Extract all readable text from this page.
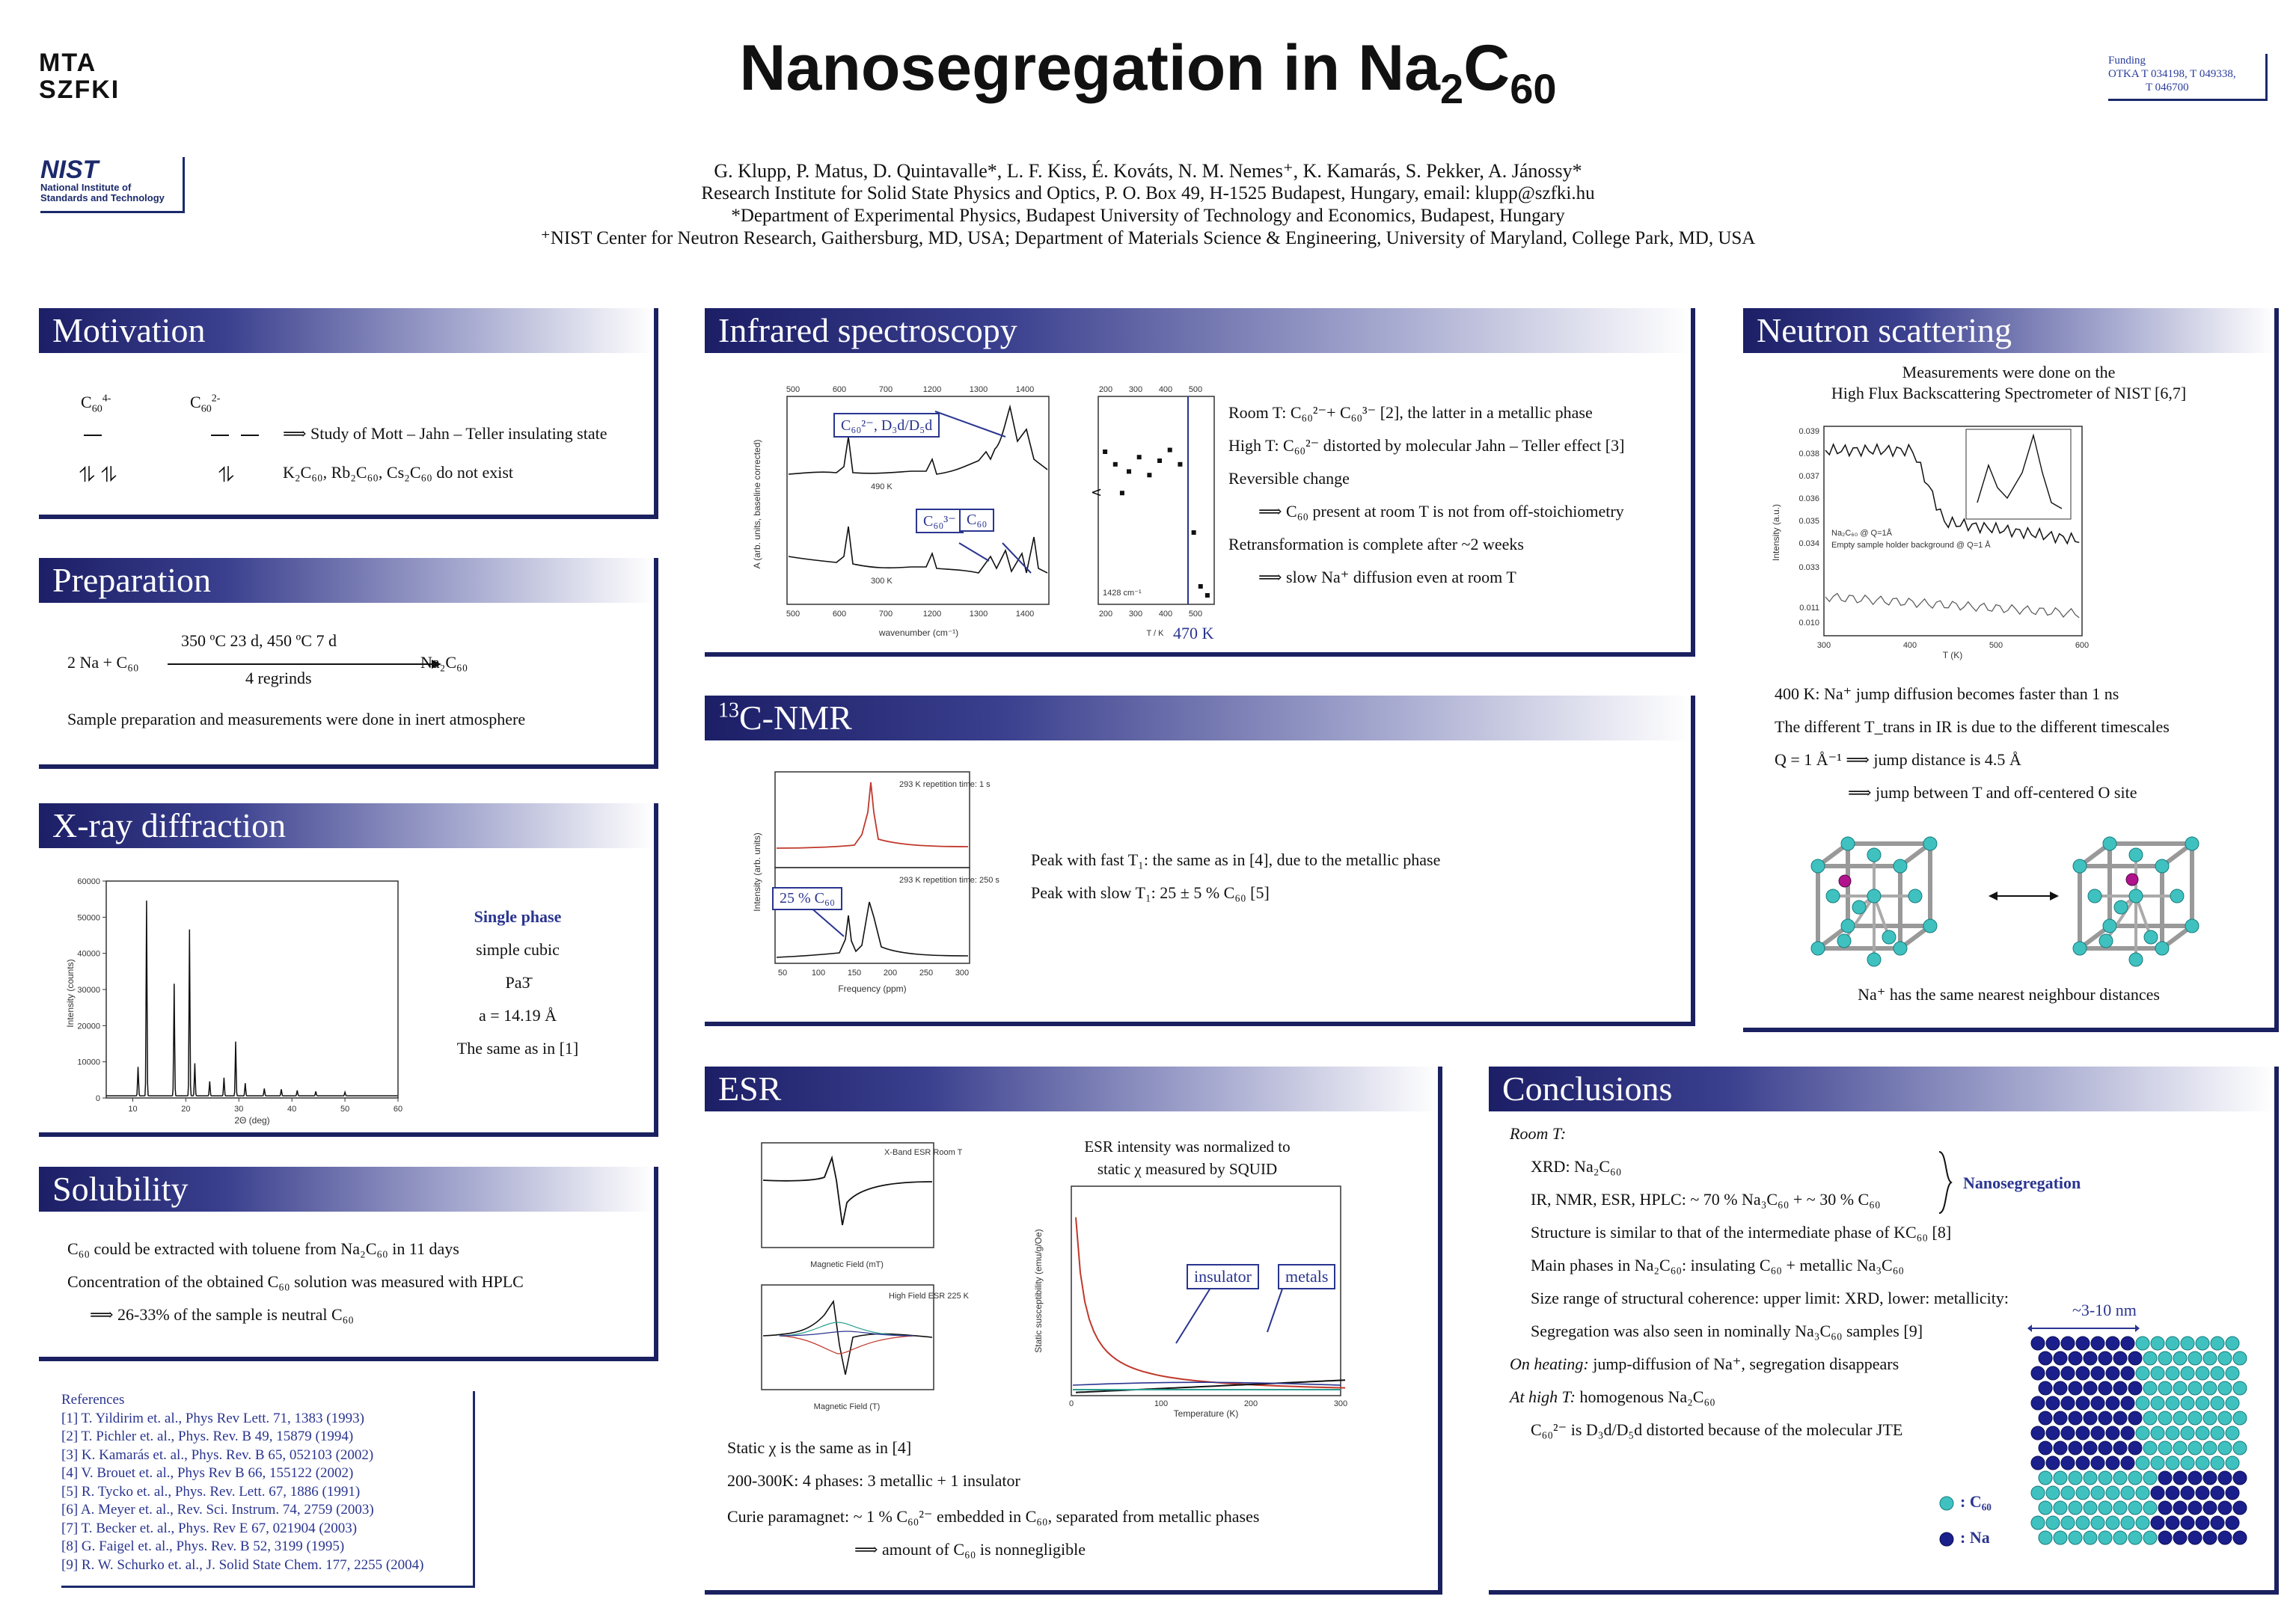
MTA
SZFKI
NIST
National Institute of
Standards and Technology
Funding
OTKA T 034198, T 049338,
T 046700
Nanosegregation in $Na_2C_{60}$
G. Klupp, P. Matus, D. Quintavalle*, L. F. Kiss, É. Kováts, N. M. Nemes⁺, K. Kamarás, S. Pekker, A. Jánossy*
Research Institute for Solid State Physics and Optics, P. O. Box 49, H-1525 Budapest, Hungary, email: klupp@szfki.hu
*Department of Experimental Physics, Budapest University of Technology and Economics, Budapest, Hungary
⁺NIST Center for Neutron Research, Gaithersburg, MD, USA; Department of Materials Science & Engineering, University of Maryland, College Park, MD, USA
Motivation
$C_{60}^{4-}$	$C_{60}^{2-}$
⥮ ⥮	⥮
⟹ Study of Mott – Jahn – Teller insulating state
K₂C₆₀, Rb₂C₆₀, Cs₂C₆₀ do not exist
Preparation
2 Na + C₆₀
350 ºC 23 d, 450 ºC 7 d
4 regrinds
Na₂C₆₀
Sample preparation and measurements were done in inert atmosphere
X-ray diffraction
2Θ (deg)
Intensity (counts)
10	20	30	40	50	60
0
10000
20000
30000
40000
50000
60000
Single phase
simple cubic
Pa3̄
a = 14.19 Å
The same as in [1]
Solubility
C₆₀ could be extracted with toluene from Na₂C₆₀ in 11 days
Concentration of the obtained C₆₀ solution was measured with HPLC
⟹ 26-33% of the sample is neutral C₆₀
References
[1] T. Yildirim et. al., Phys Rev Lett. 71, 1383 (1993)
[2] T. Pichler et. al., Phys. Rev. B 49, 15879 (1994)
[3] K. Kamarás et. al., Phys. Rev. B 65, 052103 (2002)
[4] V. Brouet et. al., Phys Rev B 66, 155122 (2002)
[5] R. Tycko et. al., Phys. Rev. Lett. 67, 1886 (1991)
[6] A. Meyer et. al., Rev. Sci. Instrum. 74, 2759 (2003)
[7] T. Becker et. al., Phys. Rev E 67, 021904 (2003)
[8] G. Faigel et. al., Phys. Rev. B 52, 3199 (1995)
[9] R. W. Schurko et. al., J. Solid State Chem. 177, 2255 (2004)
Infrared spectroscopy
wavenumber (cm⁻¹)
A (arb. units, baseline corrected)
500
500
600
600
700
700
1200
1200
1300
1300
1400
1400
490 K
300 K
T / K
1428 cm⁻¹
<
200
200
300
300
400
400
500
500
470 K
C₆₀²⁻, D₃d/D₅d
C₆₀³⁻ C₆₀
Room T: C₆₀²⁻+ C₆₀³⁻ [2], the latter in a metallic phase
High T: C₆₀²⁻ distorted by molecular Jahn – Teller effect [3]
Reversible change
⟹ C₆₀ present at room T is not from off-stoichiometry
Retransformation is complete after ~2 weeks
⟹ slow Na⁺ diffusion even at room T
$^{13}$C-NMR
293 K repetition time: 1 s
293 K repetition time: 250 s
50	100	150	200	250	300
Frequency (ppm)
Intensity (arb. units)	25 % C₆₀
Peak with fast T₁: the same as in [4], due to the metallic phase
Peak with slow T₁: 25 ± 5 % C₆₀ [5]
ESR
X-Band ESR Room T
Magnetic Field (mT)
High Field ESR 225 K
Magnetic Field (T)
ESR intensity was normalized to static χ measured by SQUID
0	100	200	300
Temperature (K)
Static susceptibility (emu/g/Oe)	insulator	metals
Static χ is the same as in [4]
200-300K: 4 phases: 3 metallic + 1 insulator
Curie paramagnet: ~ 1 % C₆₀²⁻ embedded in C₆₀, separated from metallic phases
⟹ amount of C₆₀ is nonnegligible
Neutron scattering
Measurements were done on the
High Flux Backscattering Spectrometer of NIST [6,7]
0.010
0.011
0.033
0.034
0.035
0.036
0.037
0.038
0.039
300	400	500	600
Na₂C₆₀ @ Q=1Å
Empty sample holder background @ Q=1 Å
T (K)
Intensity (a.u.)
400 K: Na⁺ jump diffusion becomes faster than 1 ns
The different T_trans in IR is due to the different timescales
Q = 1 Å⁻¹ ⟹ jump distance is 4.5 Å
⟹ jump between T and off-centered O site
Na⁺ has the same nearest neighbour distances
Conclusions
Room T:
XRD: Na₂C₆₀
IR, NMR, ESR, HPLC: ~ 70 % Na₃C₆₀ + ~ 30 % C₆₀
Nanosegregation
Structure is similar to that of the intermediate phase of KC₆₀ [8]
Main phases in Na₂C₆₀: insulating C₆₀ + metallic Na₃C₆₀
Size range of structural coherence: upper limit: XRD, lower: metallicity:
Segregation was also seen in nominally Na₃C₆₀ samples [9]
On heating: jump-diffusion of Na⁺, segregation disappears
At high T: homogenous Na₂C₆₀
C₆₀²⁻ is D₃d/D₅d distorted because of the molecular JTE
~3-10 nm
: C₆₀
: Na
